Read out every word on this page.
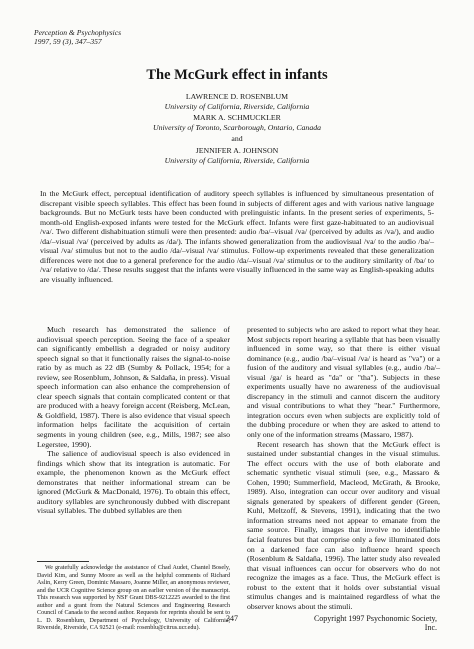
Perception & Psychophysics
1997, 59 (3), 347–357
The McGurk effect in infants
LAWRENCE D. ROSENBLUM
University of California, Riverside, California
MARK A. SCHMUCKLER
University of Toronto, Scarborough, Ontario, Canada
and
JENNIFER A. JOHNSON
University of California, Riverside, California

In the McGurk effect, perceptual identification of auditory speech syllables is influenced by simultaneous presentation of discrepant visible speech syllables. This effect has been found in subjects of different ages and with various native language backgrounds. But no McGurk tests have been conducted with prelinguistic infants. In the present series of experiments, 5-month-old English-exposed infants were tested for the McGurk effect. Infants were first gaze-habituated to an audiovisual /va/. Two different dishabituation stimuli were then presented: audio /ba/–visual /va/ (perceived by adults as /va/), and audio /da/–visual /va/ (perceived by adults as /da/). The infants showed generalization from the audiovisual /va/ to the audio /ba/–visual /va/ stimulus but not to the audio /da/–visual /va/ stimulus. Follow-up experiments revealed that these generalization differences were not due to a general preference for the audio /da/–visual /va/ stimulus or to the auditory similarity of /ba/ to /va/ relative to /da/. These results suggest that the infants were visually influenced in the same way as English-speaking adults are visually influenced.

Much research has demonstrated the salience of audiovisual speech perception. Seeing the face of a speaker can significantly embellish a degraded or noisy auditory speech signal so that it functionally raises the signal-to-noise ratio by as much as 22 dB (Sumby & Pollack, 1954; for a review, see Rosenblum, Johnson, & Saldaña, in press). Visual speech information can also enhance the comprehension of clear speech signals that contain complicated content or that are produced with a heavy foreign accent (Reisberg, McLean, & Goldfield, 1987). There is also evidence that visual speech information helps facilitate the acquisition of certain segments in young children (see, e.g., Mills, 1987; see also Legerstee, 1990).

The salience of audiovisual speech is also evidenced in findings which show that its integration is automatic. For example, the phenomenon known as the McGurk effect demonstrates that neither informational stream can be ignored (McGurk & MacDonald, 1976). To obtain this effect, auditory syllables are synchronously dubbed with discrepant visual syllables. The dubbed syllables are then

presented to subjects who are asked to report what they hear. Most subjects report hearing a syllable that has been visually influenced in some way, so that there is either visual dominance (e.g., audio /ba/–visual /va/ is heard as "va") or a fusion of the auditory and visual syllables (e.g., audio /ba/–visual /ga/ is heard as "da" or "tha"). Subjects in these experiments usually have no awareness of the audiovisual discrepancy in the stimuli and cannot discern the auditory and visual contributions to what they "hear." Furthermore, integration occurs even when subjects are explicitly told of the dubbing procedure or when they are asked to attend to only one of the information streams (Massaro, 1987).

Recent research has shown that the McGurk effect is sustained under substantial changes in the visual stimulus. The effect occurs with the use of both elaborate and schematic synthetic visual stimuli (see, e.g., Massaro & Cohen, 1990; Summerfield, Macleod, McGrath, & Brooke, 1989). Also, integration can occur over auditory and visual signals generated by speakers of different gender (Green, Kuhl, Meltzoff, & Stevens, 1991), indicating that the two information streams need not appear to emanate from the same source. Finally, images that involve no identifiable facial features but that comprise only a few illuminated dots on a darkened face can also influence heard speech (Rosenblum & Saldaña, 1996). The latter study also revealed that visual influences can occur for observers who do not recognize the images as a face. Thus, the McGurk effect is robust to the extent that it holds over substantial visual stimulus changes and is maintained regardless of what the observer knows about the stimuli.

We gratefully acknowledge the assistance of Chad Audet, Chantel Bosely, David Kim, and Sunny Moore as well as the helpful comments of Richard Aslin, Kerry Green, Dominic Massaro, Joanne Miller, an anonymous reviewer, and the UCR Cognitive Science group on an earlier version of the manuscript. This research was supported by NSF Grant DBS-9212225 awarded to the first author and a grant from the Natural Sciences and Engineering Research Council of Canada to the second author. Requests for reprints should be sent to L. D. Rosenblum, Department of Psychology, University of California, Riverside, Riverside, CA 92521 (e-mail: rosenblu@citrus.ucr.edu).

347	Copyright 1997 Psychonomic Society, Inc.
